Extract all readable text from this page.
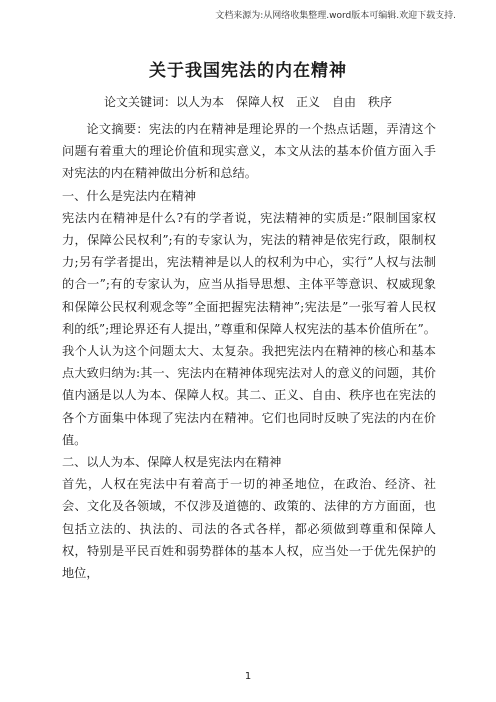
文档来源为:从网络收集整理.word版本可编辑.欢迎下载支持.
关于我国宪法的内在精神
论文关键词：以人为本　保障人权　正义　自由　秩序

论文摘要：宪法的内在精神是理论界的一个热点话题，弄清这个问题有着重大的理论价值和现实意义，本文从法的基本价值方面入手对宪法的内在精神做出分析和总结。

一、什么是宪法内在精神

宪法内在精神是什么?有的学者说，宪法精神的实质是:”限制国家权力，保障公民权利”;有的专家认为，宪法的精神是依宪行政，限制权力;另有学者提出，宪法精神是以人的权利为中心，实行”人权与法制的合一”;有的专家认为，应当从指导思想、主体平等意识、权威现象和保障公民权利观念等”全面把握宪法精神”;宪法是”一张写着人民权利的纸”;理论界还有人提出，”尊重和保障人权宪法的基本价值所在”。我个人认为这个问题太大、太复杂。我把宪法内在精神的核心和基本点大致归纳为:其一、宪法内在精神体现宪法对人的意义的问题，其价值内涵是以人为本、保障人权。其二、正义、自由、秩序也在宪法的各个方面集中体现了宪法内在精神。它们也同时反映了宪法的内在价值。

二、以人为本、保障人权是宪法内在精神

首先，人权在宪法中有着高于一切的神圣地位，在政治、经济、社会、文化及各领域，不仅涉及道德的、政策的、法律的方方面面，也包括立法的、执法的、司法的各式各样，都必须做到尊重和保障人权，特别是平民百姓和弱势群体的基本人权，应当处一于优先保护的地位，

1
